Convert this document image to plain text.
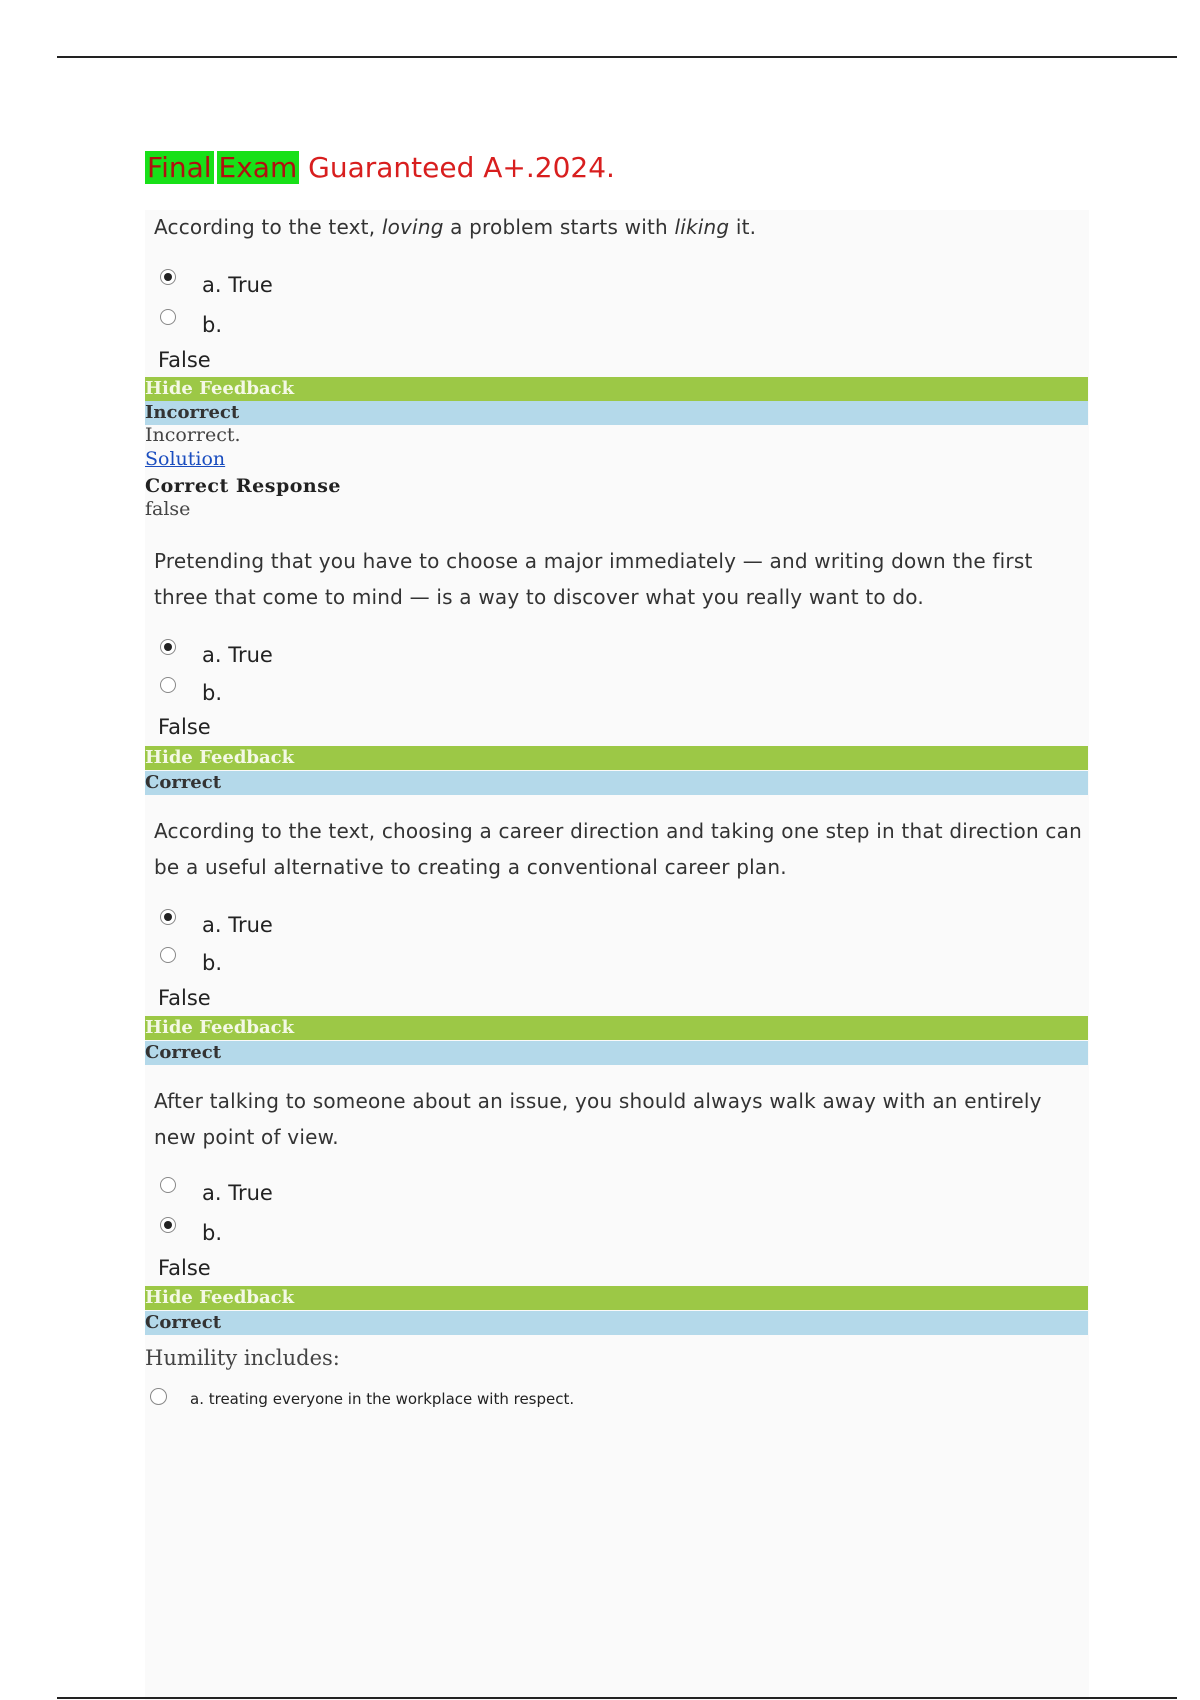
Final Exam Guaranteed A+.2024.
According to the text, loving a problem starts with liking it.
a. True
b.
False
Hide Feedback
Incorrect
Incorrect.
Solution
Correct Response
false
Pretending that you have to choose a major immediately — and writing down the first three that come to mind — is a way to discover what you really want to do.
a. True
b.
False
Hide Feedback
Correct
According to the text, choosing a career direction and taking one step in that direction can be a useful alternative to creating a conventional career plan.
a. True
b.
False
Hide Feedback
Correct
After talking to someone about an issue, you should always walk away with an entirely new point of view.
a. True
b.
False
Hide Feedback
Correct
Humility includes:
a. treating everyone in the workplace with respect.
